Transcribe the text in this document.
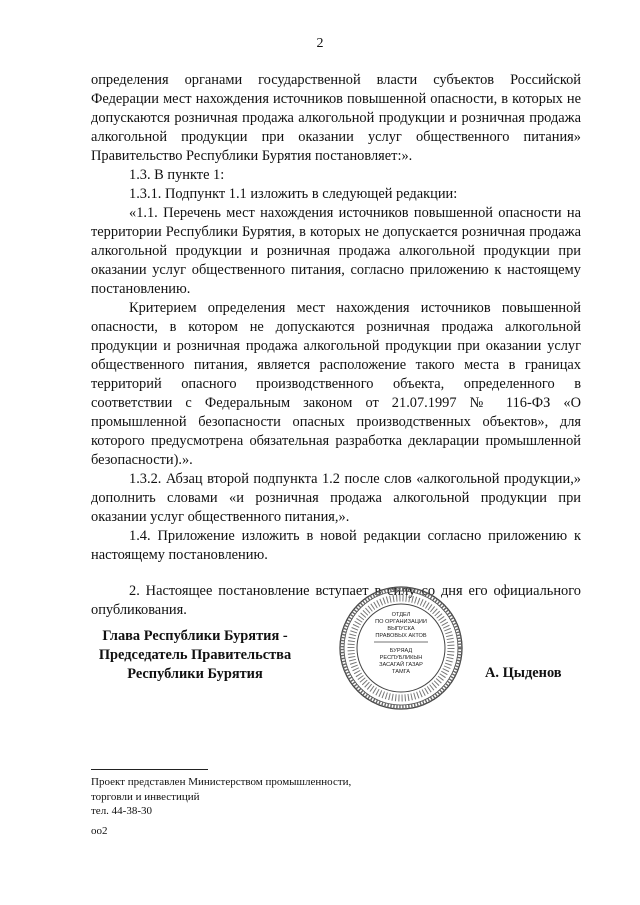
2

определения органами государственной власти субъектов Российской Федерации мест нахождения источников повышенной опасности, в которых не допускаются розничная продажа алкогольной продукции и розничная продажа алкогольной продукции при оказании услуг общественного питания» Правительство Республики Бурятия постановляет:».

1.3. В пункте 1:

1.3.1. Подпункт 1.1 изложить в следующей редакции:

«1.1. Перечень мест нахождения источников повышенной опасности на территории Республики Бурятия, в которых не допускается розничная продажа алкогольной продукции и розничная продажа алкогольной продукции при оказании услуг общественного питания, согласно приложению к настоящему постановлению.

Критерием определения мест нахождения источников повышенной опасности, в котором не допускаются розничная продажа алкогольной продукции и розничная продажа алкогольной продукции при оказании услуг общественного питания, является расположение такого места в границах территорий опасного производственного объекта, определенного в соответствии с Федеральным законом от 21.07.1997 № 116-ФЗ «О промышленной безопасности опасных производственных объектов», для которого предусмотрена обязательная разработка декларации промышленной безопасности).».

1.3.2. Абзац второй подпункта 1.2 после слов «алкогольной продукции,» дополнить словами «и розничная продажа алкогольной продукции при оказании услуг общественного питания,».

1.4. Приложение изложить в новой редакции согласно приложению к настоящему постановлению.

2. Настоящее постановление вступает в силу со дня его официального опубликования.

Глава Республики Бурятия -
Председатель Правительства
Республики Бурятия
ОТДЕЛ
ПО ОРГАНИЗАЦИИ
ВЫПУСКА
ПРАВОВЫХ АКТОВ
БУРЯАД
РЕСПУБЛИКЫН
ЗАСАГАЙ ГАЗАР
ТАМГА	А. Цыденов
Проект представлен Министерством промышленности,
торговли и инвестиций
тел. 44-38-30
оо2
